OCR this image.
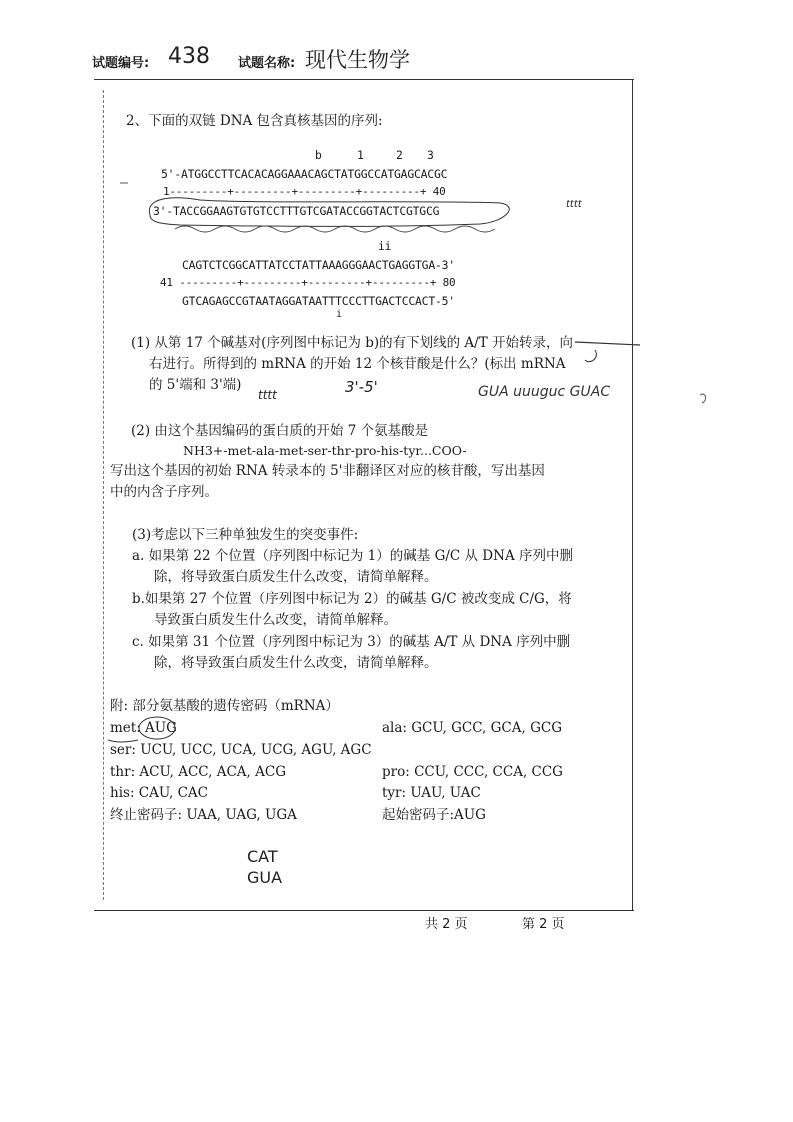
试题编号: 438 试题名称: 现代生物学
2、下面的双链 DNA 包含真核基因的序列:
b	1	2 3
5'-ATGGCCTTCACACAGGAAACAGCTATGGCCATGAGCACGC
1---------+---------+---------+---------+ 40
3'-TACCGGAAGTGTGTCCTTTGTCGATACCGGTACTCGTGCG
ii
CAGTCTCGGCATTATCCTATTAAAGGGAACTGAGGTGA-3'
41 ---------+---------+---------+---------+ 80
GTCAGAGCCGTAATAGGATAATTTCCCTTGACTCCACT-5'
i
(1) 从第 17 个碱基对(序列图中标记为 b)的有下划线的 A/T 开始转录，向
右进行。所得到的 mRNA 的开始 12 个核苷酸是什么？(标出 mRNA
的 5'端和 3'端)
(2) 由这个基因编码的蛋白质的开始 7 个氨基酸是
NH3+-met-ala-met-ser-thr-pro-his-tyr...COO-
写出这个基因的初始 RNA 转录本的 5'非翻译区对应的核苷酸，写出基因
中的内含子序列。
(3)考虑以下三种单独发生的突变事件:
a. 如果第 22 个位置（序列图中标记为 1）的碱基 G/C 从 DNA 序列中删
除，将导致蛋白质发生什么改变，请简单解释。
b.如果第 27 个位置（序列图中标记为 2）的碱基 G/C 被改变成 C/G，将
导致蛋白质发生什么改变，请简单解释。
c. 如果第 31 个位置（序列图中标记为 3）的碱基 A/T 从 DNA 序列中删
除，将导致蛋白质发生什么改变，请简单解释。
附: 部分氨基酸的遗传密码（mRNA）
met: AUG	ala: GCU, GCC, GCA, GCG
ser: UCU, UCC, UCA, UCG, AGU, AGC
thr: ACU, ACC, ACA, ACG	pro: CCU, CCC, CCA, CCG
his: CAU, CAC	tyr: UAU, UAC
终止密码子: UAA, UAG, UGA	起始密码子:AUG
tttt
tttt	3'-5'	GUA uuuguc GUAC
CAT
GUA
共 2 页	第 2 页
